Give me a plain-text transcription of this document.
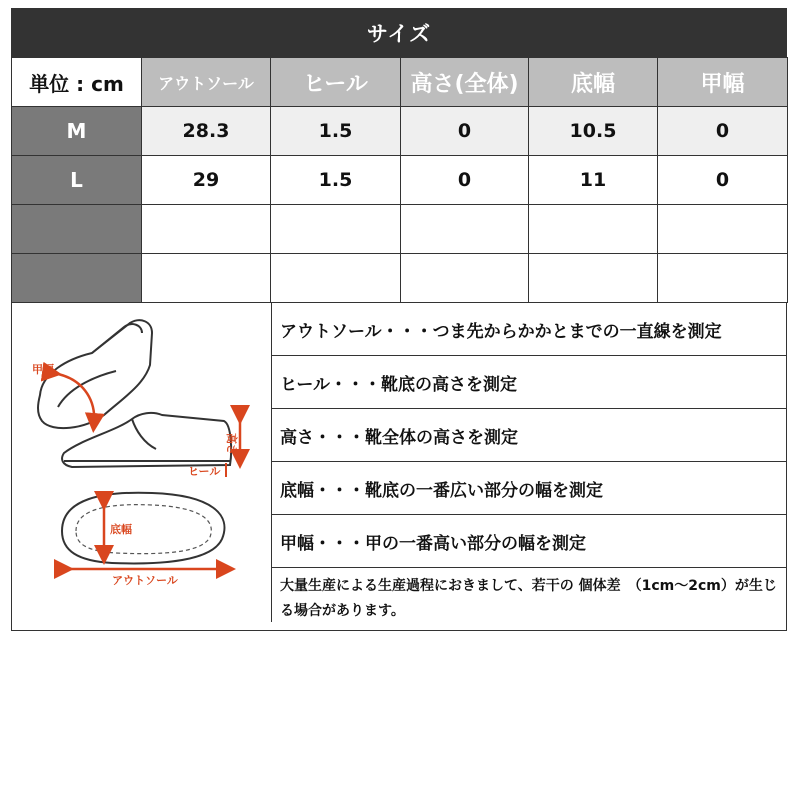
サイズ
単位 : cm	アウトソール	ヒール	高さ(全体)	底幅	甲幅
M	28.3	1.5	0	10.5	0
L	29	1.5	0	11	0

甲幅
高さ
ヒール
底幅
アウトソール
アウトソール・・・つま先からかかとまでの一直線を測定
ヒール・・・靴底の高さを測定
高さ・・・靴全体の高さを測定
底幅・・・靴底の一番広い部分の幅を測定
甲幅・・・甲の一番高い部分の幅を測定
大量生産による生産過程におきまして、若干の 個体差　（1cm～2cm）が生じる場合があります。
